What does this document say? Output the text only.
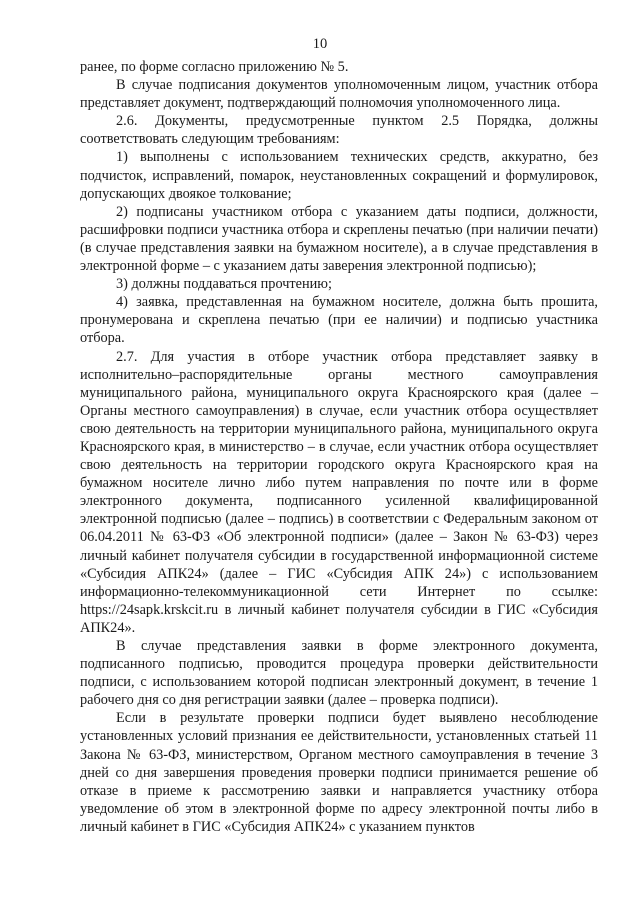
10

ранее, по форме согласно приложению № 5.

В случае подписания документов уполномоченным лицом, участник отбора представляет документ, подтверждающий полномочия уполномоченного лица.

2.6. Документы, предусмотренные пунктом 2.5 Порядка, должны соответствовать следующим требованиям:

1) выполнены с использованием технических средств, аккуратно, без подчисток, исправлений, помарок, неустановленных сокращений и формулировок, допускающих двоякое толкование;

2) подписаны участником отбора с указанием даты подписи, должности, расшифровки подписи участника отбора и скреплены печатью (при наличии печати) (в случае представления заявки на бумажном носителе), а в случае представления в электронной форме – с указанием даты заверения электронной подписью);

3) должны поддаваться прочтению;

4) заявка, представленная на бумажном носителе, должна быть прошита, пронумерована и скреплена печатью (при ее наличии) и подписью участника отбора.

2.7. Для участия в отборе участник отбора представляет заявку в исполнительно–распорядительные органы местного самоуправления муниципального района, муниципального округа Красноярского края (далее – Органы местного самоуправления) в случае, если участник отбора осуществляет свою деятельность на территории муниципального района, муниципального округа Красноярского края, в министерство – в случае, если участник отбора осуществляет свою деятельность на территории городского округа Красноярского края на бумажном носителе лично либо путем направления по почте или в форме электронного документа, подписанного усиленной квалифицированной электронной подписью (далее – подпись) в соответствии с Федеральным законом от 06.04.2011 № 63-ФЗ «Об электронной подписи» (далее – Закон № 63-ФЗ) через личный кабинет получателя субсидии в государственной информационной системе «Субсидия АПК24» (далее – ГИС «Субсидия АПК 24») с использованием информационно-телекоммуникационной сети Интернет по ссылке: https://24sapk.krskcit.ru в личный кабинет получателя субсидии в ГИС «Субсидия АПК24».

В случае представления заявки в форме электронного документа, подписанного подписью, проводится процедура проверки действительности подписи, с использованием которой подписан электронный документ, в течение 1 рабочего дня со дня регистрации заявки (далее – проверка подписи).

Если в результате проверки подписи будет выявлено несоблюдение установленных условий признания ее действительности, установленных статьей 11 Закона № 63-ФЗ, министерством, Органом местного самоуправления в течение 3 дней со дня завершения проведения проверки подписи принимается решение об отказе в приеме к рассмотрению заявки и направляется участнику отбора уведомление об этом в электронной форме по адресу электронной почты либо в личный кабинет в ГИС «Субсидия АПК24» с указанием пунктов
